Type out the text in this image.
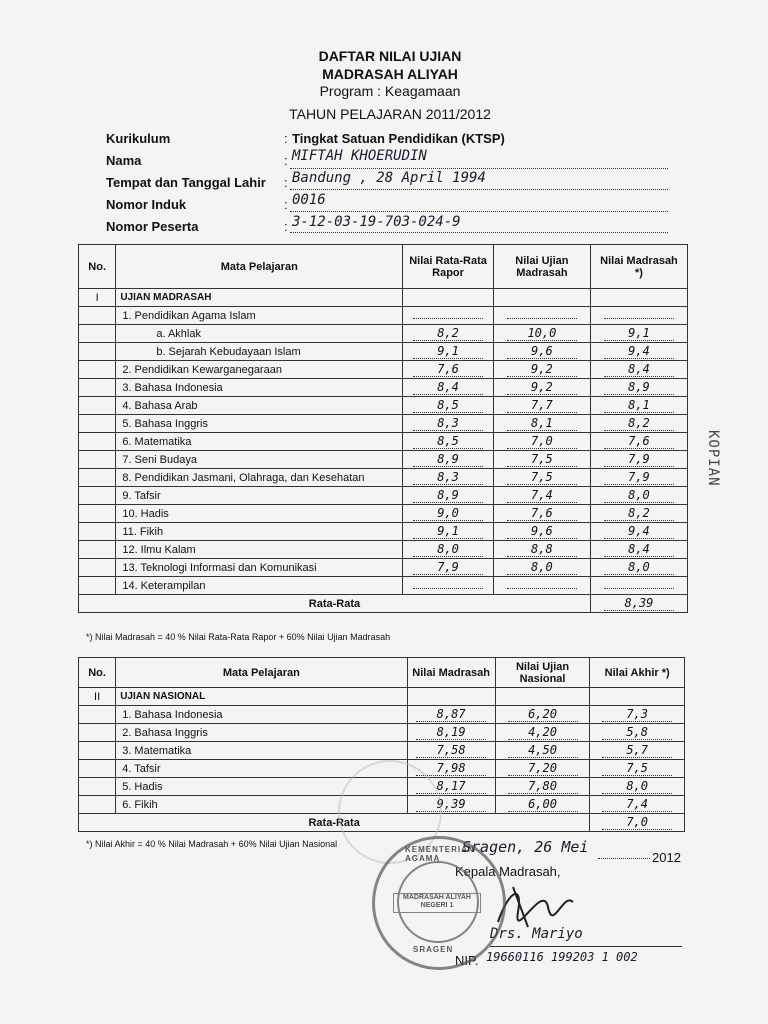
DAFTAR NILAI UJIAN
MADRASAH ALIYAH
Program : Keagamaan
TAHUN PELAJARAN 2011/2012
Kurikulum	: Tingkat Satuan Pendidikan (KTSP)
Nama	: MIFTAH KHOERUDIN
Tempat dan Tanggal Lahir : Bandung , 28 April 1994
Nomor Induk	: 0016
Nomor Peserta	: 3-12-03-19-703-024-9
No.	Mata Pelajaran	Nilai Rata-Rata Rapor	Nilai Ujian Madrasah	Nilai Madrasah *)
I	UJIAN MADRASAH			
	1. Pendidikan Agama Islam			
	a. Akhlak	8,2	10,0	9,1
	b. Sejarah Kebudayaan Islam	9,1	9,6	9,4
	2. Pendidikan Kewarganegaraan	7,6	9,2	8,4
	3. Bahasa Indonesia	8,4	9,2	8,9
	4. Bahasa Arab	8,5	7,7	8,1
	5. Bahasa Inggris	8,3	8,1	8,2
	6. Matematika	8,5	7,0	7,6
	7. Seni Budaya	8,9	7,5	7,9
	8. Pendidikan Jasmani, Olahraga, dan Kesehatan	8,3	7,5	7,9
	9. Tafsir	8,9	7,4	8,0
	10. Hadis	9,0	7,6	8,2
	11. Fikih	9,1	9,6	9,4
	12. Ilmu Kalam	8,0	8,8	8,4
	13. Teknologi Informasi dan Komunikasi	7,9	8,0	8,0
	14. Keterampilan			
Rata-Rata				8,39
*) Nilai Madrasah = 40 % Nilai Rata-Rata Rapor + 60% Nilai Ujian Madrasah
No.	Mata Pelajaran	Nilai Madrasah	Nilai Ujian Nasional	Nilai Akhir *)
II	UJIAN NASIONAL			
	1. Bahasa Indonesia	8,87	6,20	7,3
	2. Bahasa Inggris	8,19	4,20	5,8
	3. Matematika	7,58	4,50	5,7
	4. Tafsir	7,98	7,20	7,5
	5. Hadis	8,17	7,80	8,0
	6. Fikih	9,39	6,00	7,4
Rata-Rata				7,0
*) Nilai Akhir = 40 % Nilai Madrasah + 60% Nilai Ujian Nasional	Sragen, 26 Mei
2012
Kepala Madrasah,
Drs. Mariyo
NIP. 19660116 199203 1 002
KEMENTERIAN AGAMA
MADRASAH ALIYAH NEGERI 1
SRAGEN
KOPIAN
